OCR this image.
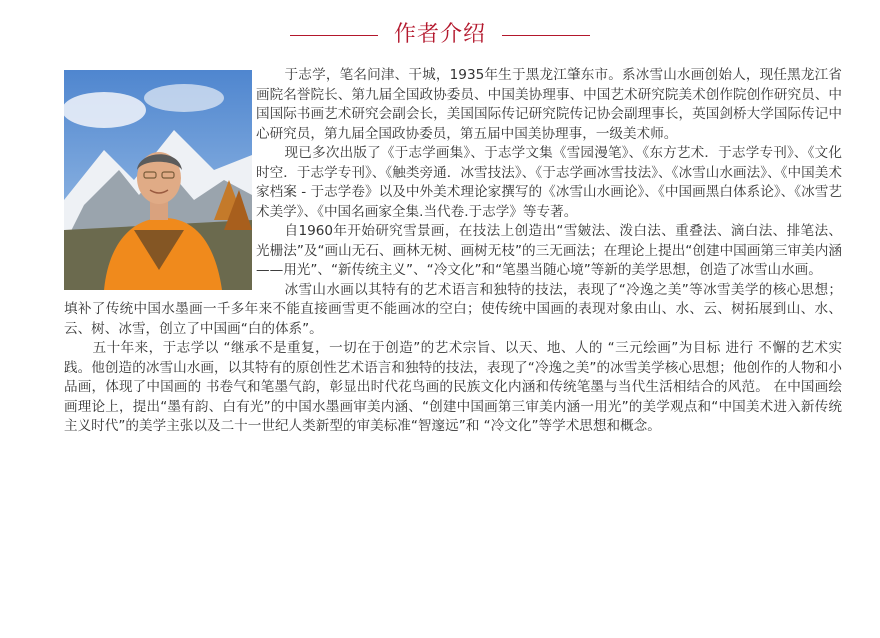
作者介绍

于志学，笔名问津、干城，1935年生于黑龙江肇东市。系冰雪山水画创始人，现任黑龙江省画院名誉院长、第九届全国政协委员、中国美协理事、中国艺术研究院美术创作院创作研究员、中国国际书画艺术研究会副会长，美国国际传记研究院传记协会副理事长，英国剑桥大学国际传记中心研究员，第九届全国政协委员，第五届中国美协理事，一级美术师。

现已多次出版了《于志学画集》、于志学文集《雪园漫笔》、《东方艺术．于志学专刊》、《文化时空．于志学专刊》、《触类旁通．冰雪技法》、《于志学画冰雪技法》、《冰雪山水画法》、《中国美术家档案 - 于志学卷》以及中外美术理论家撰写的《冰雪山水画论》、《中国画黑白体系论》、《冰雪艺术美学》、《中国名画家全集.当代卷.于志学》等专著。

自1960年开始研究雪景画，在技法上创造出“雪皴法、泼白法、重叠法、滴白法、排笔法、光栅法”及“画山无石、画林无树、画树无枝”的三无画法；在理论上提出“创建中国画第三审美内涵——用光”、“新传统主义”、“冷文化”和“笔墨当随心境”等新的美学思想，创造了冰雪山水画。

冰雪山水画以其特有的艺术语言和独特的技法，表现了“冷逸之美”等冰雪美学的核心思想；填补了传统中国水墨画一千多年来不能直接画雪更不能画冰的空白；使传统中国画的表现对象由山、水、云、树拓展到山、水、云、树、冰雪，创立了中国画“白的体系”。

五十年来，于志学以 “继承不是重复，一切在于创造”的艺术宗旨、以天、地、人的 “三元绘画”为目标 进行 不懈的艺术实践。他创造的冰雪山水画，以其特有的原创性艺术语言和独特的技法，表现了“冷逸之美”的冰雪美学核心思想；他创作的人物和小品画，体现了中国画的 书卷气和笔墨气韵，彰显出时代花鸟画的民族文化内涵和传统笔墨与当代生活相结合的风范。 在中国画绘画理论上，提出“墨有韵、白有光”的中国水墨画审美内涵、“创建中国画第三审美内涵一用光”的美学观点和“中国美术进入新传统主义时代”的美学主张以及二十一世纪人类新型的审美标准“智邃远”和 “冷文化”等学术思想和概念。
